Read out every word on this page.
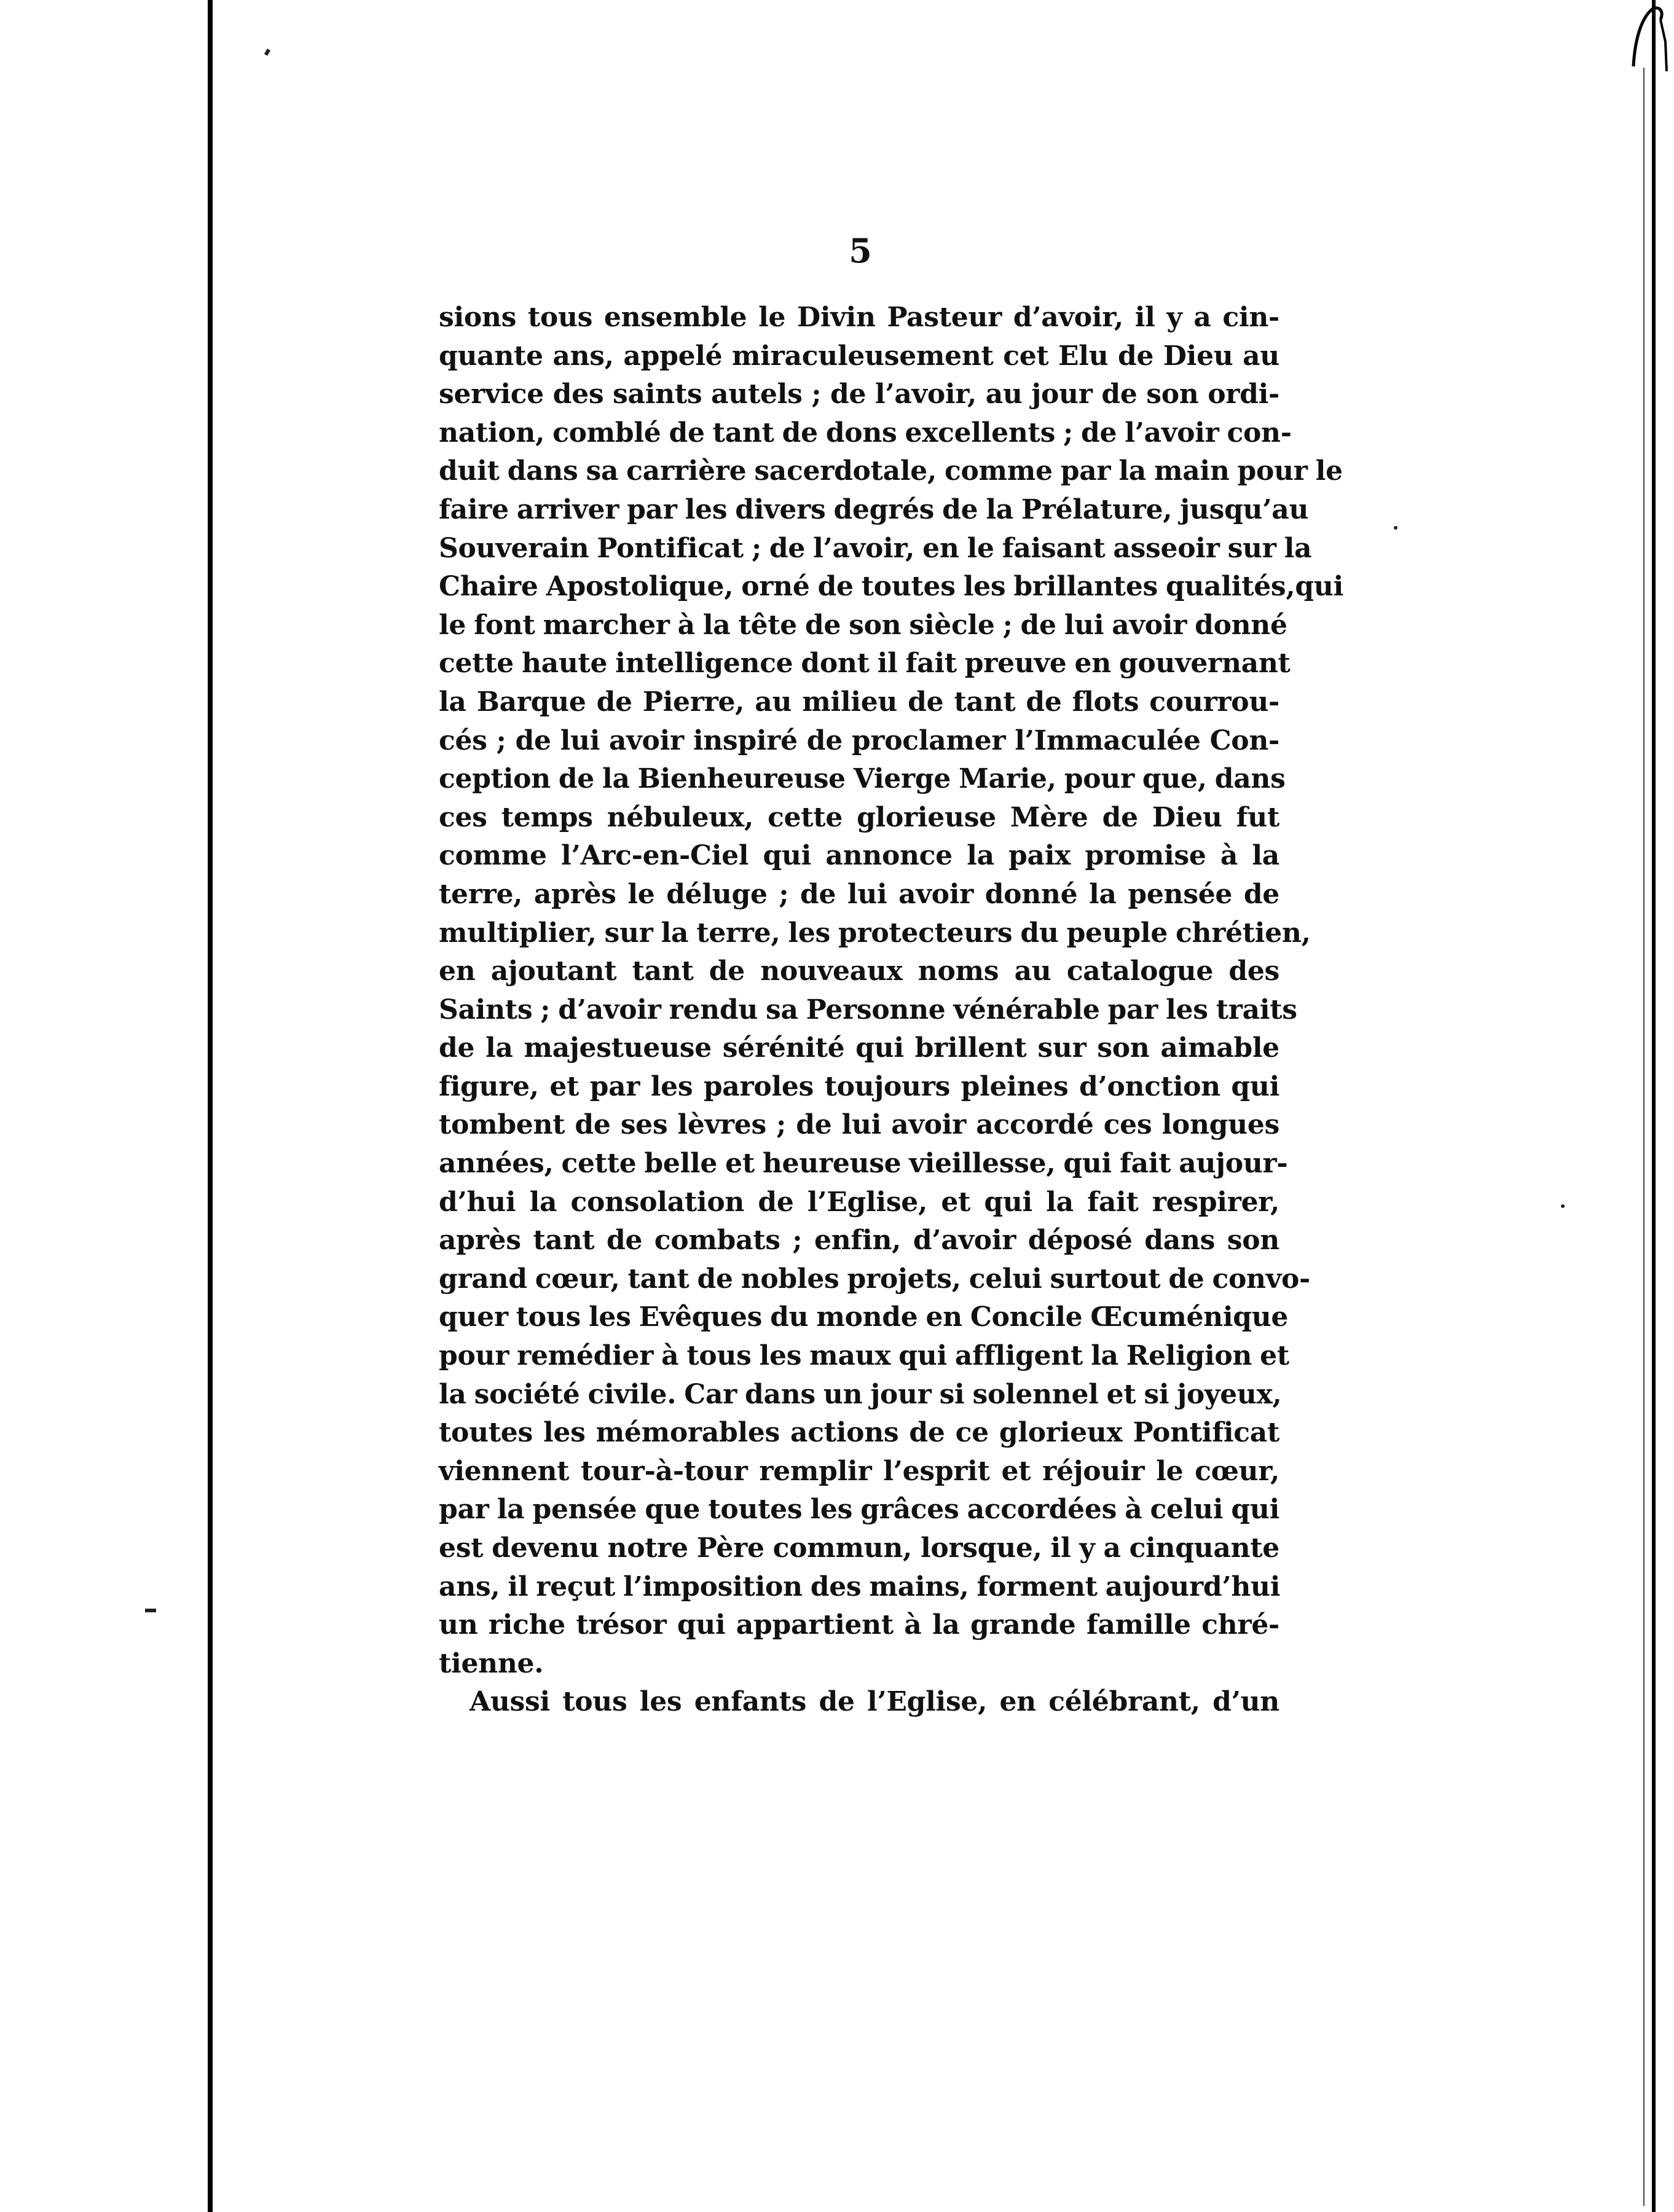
5
sions tous ensemble le Divin Pasteur d’avoir, il y a cin-
quante ans, appelé miraculeusement cet Elu de Dieu au
service des saints autels ; de l’avoir, au jour de son ordi-
nation, comblé de tant de dons excellents ; de l’avoir con-
duit dans sa carrière sacerdotale, comme par la main pour le
faire arriver par les divers degrés de la Prélature, jusqu’au
Souverain Pontificat ; de l’avoir, en le faisant asseoir sur la
Chaire Apostolique, orné de toutes les brillantes qualités,qui
le font marcher à la tête de son siècle ; de lui avoir donné
cette haute intelligence dont il fait preuve en gouvernant
la Barque de Pierre, au milieu de tant de flots courrou-
cés ; de lui avoir inspiré de proclamer l’Immaculée Con-
ception de la Bienheureuse Vierge Marie, pour que, dans
ces temps nébuleux, cette glorieuse Mère de Dieu fut
comme l’Arc-en-Ciel qui annonce la paix promise à la
terre, après le déluge ; de lui avoir donné la pensée de
multiplier, sur la terre, les protecteurs du peuple chrétien,
en ajoutant tant de nouveaux noms au catalogue des
Saints ; d’avoir rendu sa Personne vénérable par les traits
de la majestueuse sérénité qui brillent sur son aimable
figure, et par les paroles toujours pleines d’onction qui
tombent de ses lèvres ; de lui avoir accordé ces longues
années, cette belle et heureuse vieillesse, qui fait aujour-
d’hui la consolation de l’Eglise, et qui la fait respirer,
après tant de combats ; enfin, d’avoir déposé dans son
grand cœur, tant de nobles projets, celui surtout de convo-
quer tous les Evêques du monde en Concile Œcuménique
pour remédier à tous les maux qui affligent la Religion et
la société civile. Car dans un jour si solennel et si joyeux,
toutes les mémorables actions de ce glorieux Pontificat
viennent tour-à-tour remplir l’esprit et réjouir le cœur,
par la pensée que toutes les grâces accordées à celui qui
est devenu notre Père commun, lorsque, il y a cinquante
ans, il reçut l’imposition des mains, forment aujourd’hui
un riche trésor qui appartient à la grande famille chré-
tienne.
Aussi tous les enfants de l’Eglise, en célébrant, d’un
